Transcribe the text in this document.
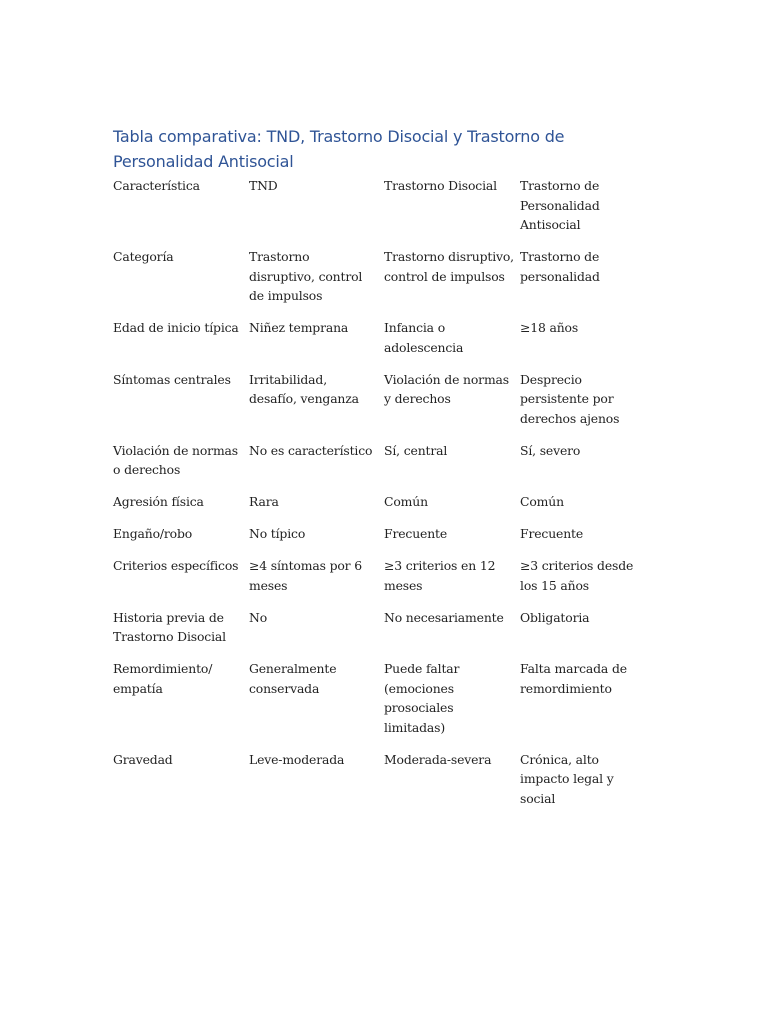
Tabla comparativa: TND, Trastorno Disocial y Trastorno de Personalidad Antisocial
Característica	TND	Trastorno Disocial	Trastorno de Personalidad Antisocial
Categoría	Trastorno disruptivo, control de impulsos	Trastorno disruptivo, control de impulsos	Trastorno de personalidad
Edad de inicio típica	Niñez temprana	Infancia o adolescencia	≥18 años
Síntomas centrales	Irritabilidad, desafío, venganza	Violación de normas y derechos	Desprecio persistente por derechos ajenos
Violación de normas o derechos	No es característico	Sí, central	Sí, severo
Agresión física	Rara	Común	Común
Engaño/robo	No típico	Frecuente	Frecuente
Criterios específicos	≥4 síntomas por 6 meses	≥3 criterios en 12 meses	≥3 criterios desde los 15 años
Historia previa de Trastorno Disocial	No	No necesariamente	Obligatoria
Remordimiento/ empatía	Generalmente conservada	Puede faltar (emociones prosociales limitadas)	Falta marcada de remordimiento
Gravedad	Leve-moderada	Moderada-severa	Crónica, alto impacto legal y social
